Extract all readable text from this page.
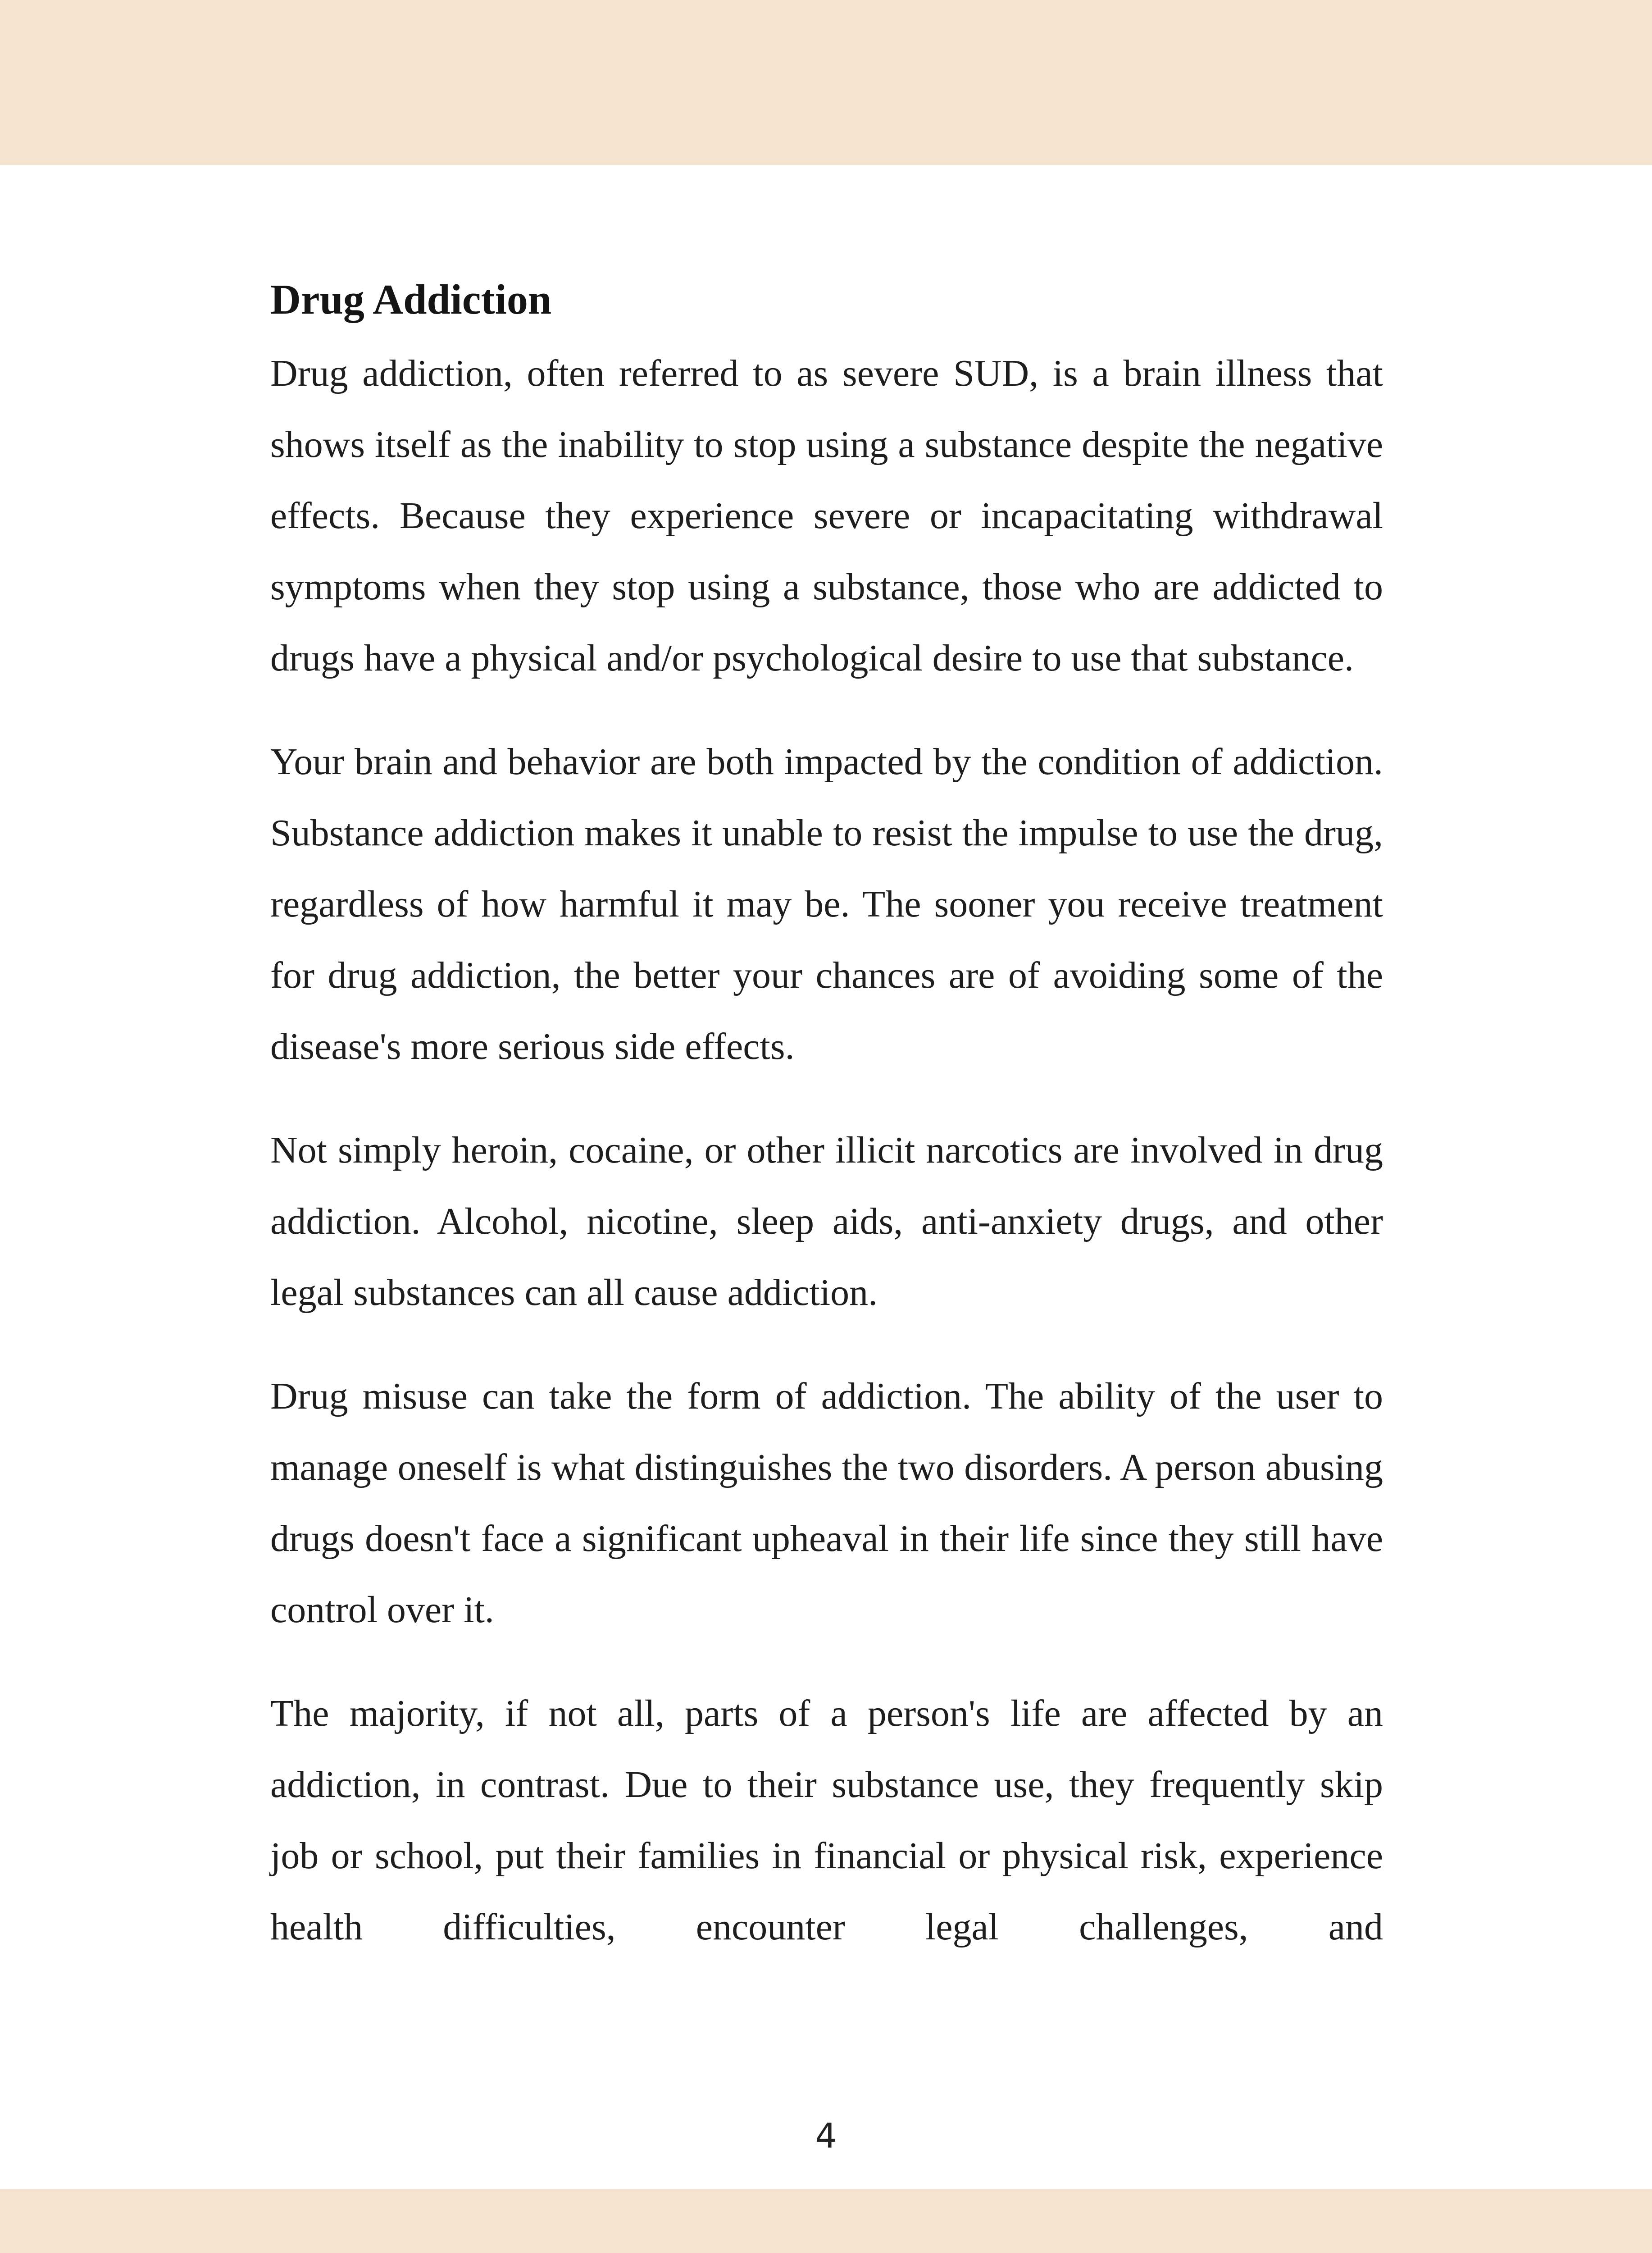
Drug Addiction

Drug addiction, often referred to as severe SUD, is a brain illness that shows itself as the inability to stop using a substance despite the negative effects. Because they experience severe or incapacitating withdrawal symptoms when they stop using a substance, those who are addicted to drugs have a physical and/or psychological desire to use that substance.

Your brain and behavior are both impacted by the condition of addiction. Substance addiction makes it unable to resist the impulse to use the drug, regardless of how harmful it may be. The sooner you receive treatment for drug addiction, the better your chances are of avoiding some of the disease's more serious side effects.

Not simply heroin, cocaine, or other illicit narcotics are involved in drug addiction. Alcohol, nicotine, sleep aids, anti-anxiety drugs, and other legal substances can all cause addiction.

Drug misuse can take the form of addiction. The ability of the user to manage oneself is what distinguishes the two disorders. A person abusing drugs doesn't face a significant upheaval in their life since they still have control over it.

The majority, if not all, parts of a person's life are affected by an addiction, in contrast. Due to their substance use, they frequently skip job or school, put their families in financial or physical risk, experience health difficulties, encounter legal challenges, and

4
